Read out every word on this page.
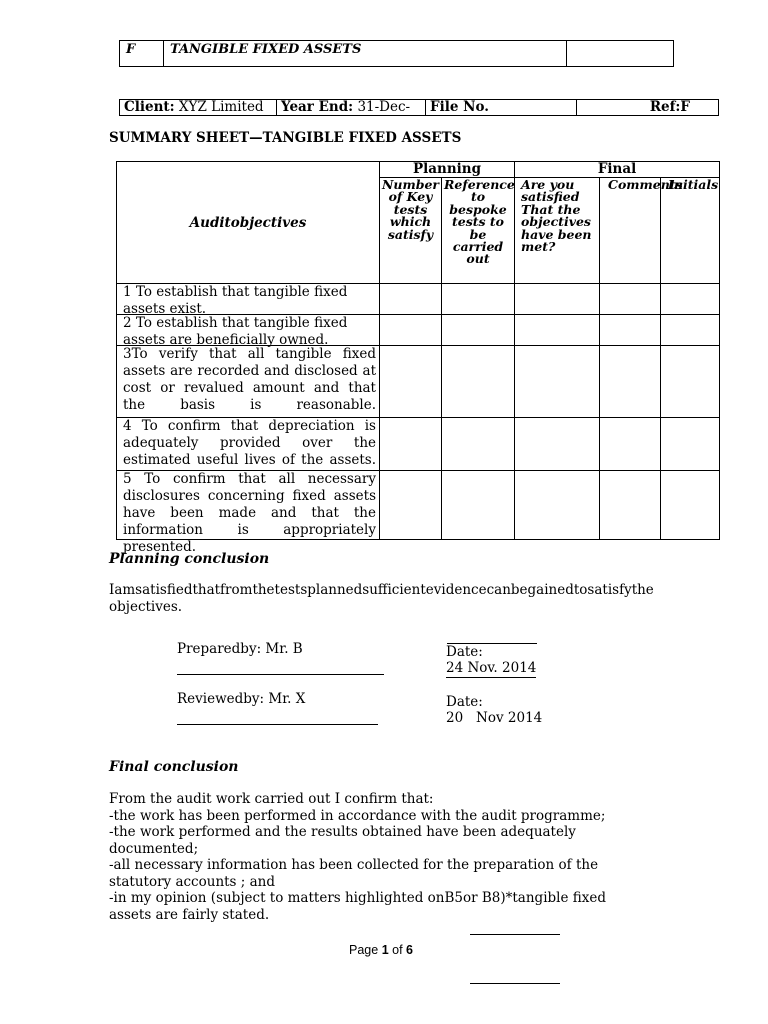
F	TANGIBLE FIXED ASSETS	
Client: XYZ Limited	Year End: 31-Dec-	File No.	Ref:F
SUMMARY SHEET—TANGIBLE FIXED ASSETS
Auditobjectives	Planning		Final		
	Number of Key tests which satisfy	Reference to bespoke tests to be carried out	Are you satisfied That the objectives have been met?	Comments	Initials

1 To establish that tangible fixed assets exist.					

2 To establish that tangible fixed assets are beneficially owned.					

3To verify that all tangible fixed assets are recorded and disclosed at cost or revalued amount and that the basis is reasonable.					

4 To confirm that depreciation is adequately provided over the estimated useful lives of the assets.					

5 To confirm that all necessary disclosures concerning fixed assets have been made and that the information is appropriately presented.					

Planning conclusion
Iamsatisfiedthatfromthetestsplannedsufficientevidencecanbegainedtosatisfytheobjectives.
Preparedby: Mr. B	Date:
24 Nov. 2014
Reviewedby: Mr. X	Date:
20   Nov 2014
Final conclusion
From the audit work carried out I confirm that:
-the work has been performed in accordance with the audit programme;
-the work performed and the results obtained have been adequately documented;
-all necessary information has been collected for the preparation of the statutory accounts ; and
-in my opinion (subject to matters highlighted onB5or B8)*tangible fixed assets are fairly stated.
Page 1 of 6
